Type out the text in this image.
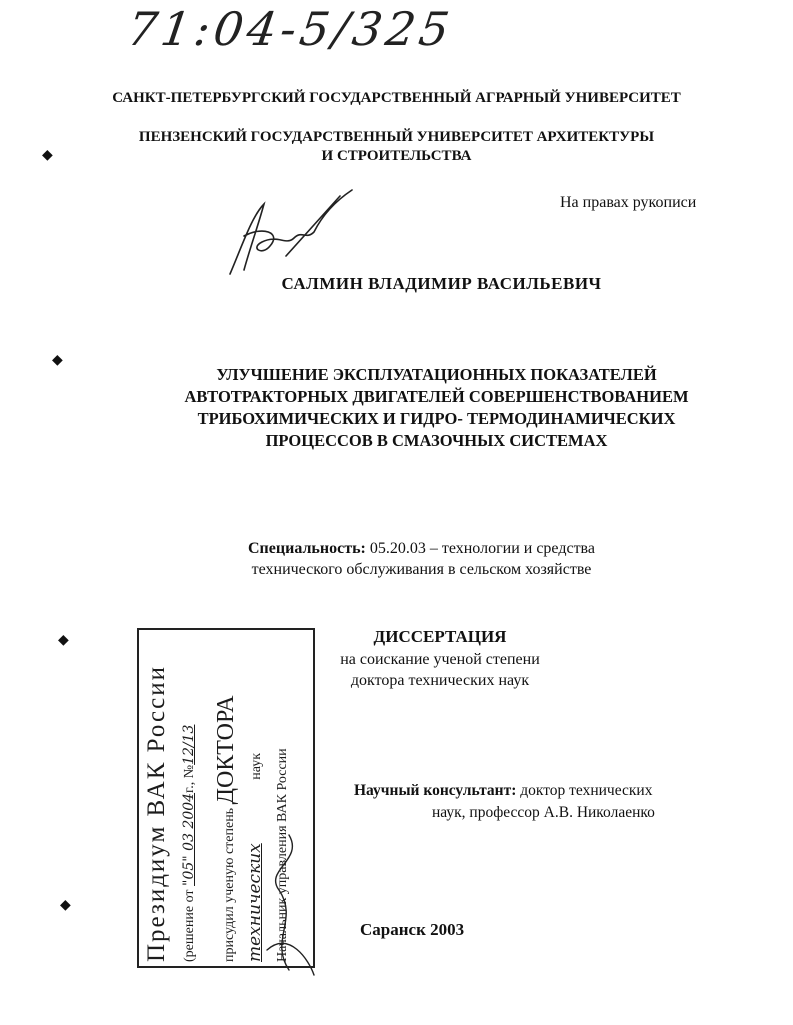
71:04-5/325
САНКТ-ПЕТЕРБУРГСКИЙ ГОСУДАРСТВЕННЫЙ АГРАРНЫЙ УНИВЕРСИТЕТ
ПЕНЗЕНСКИЙ ГОСУДАРСТВЕННЫЙ УНИВЕРСИТЕТ АРХИТЕКТУРЫ
И СТРОИТЕЛЬСТВА
На правах рукописи
САЛМИН ВЛАДИМИР ВАСИЛЬЕВИЧ
УЛУЧШЕНИЕ ЭКСПЛУАТАЦИОННЫХ ПОКАЗАТЕЛЕЙ
АВТОТРАКТОРНЫХ ДВИГАТЕЛЕЙ СОВЕРШЕНСТВОВАНИЕМ
ТРИБОХИМИЧЕСКИХ И ГИДРО- ТЕРМОДИНАМИЧЕСКИХ
ПРОЦЕССОВ В СМАЗОЧНЫХ СИСТЕМАХ
Специальность: 05.20.03 – технологии и средства
технического обслуживания в сельском хозяйстве
ДИССЕРТАЦИЯ
на соискание ученой степени
доктора технических наук
Научный консультант: доктор технических
наук, профессор А.В. Николаенко
Саранск 2003
◆
◆
◆
◆	Президиум ВАК России (решение от "05" 03 2004г., №12/13
присудил ученую степень ДОКТОРА
технических наук Начальник управления ВАК России
